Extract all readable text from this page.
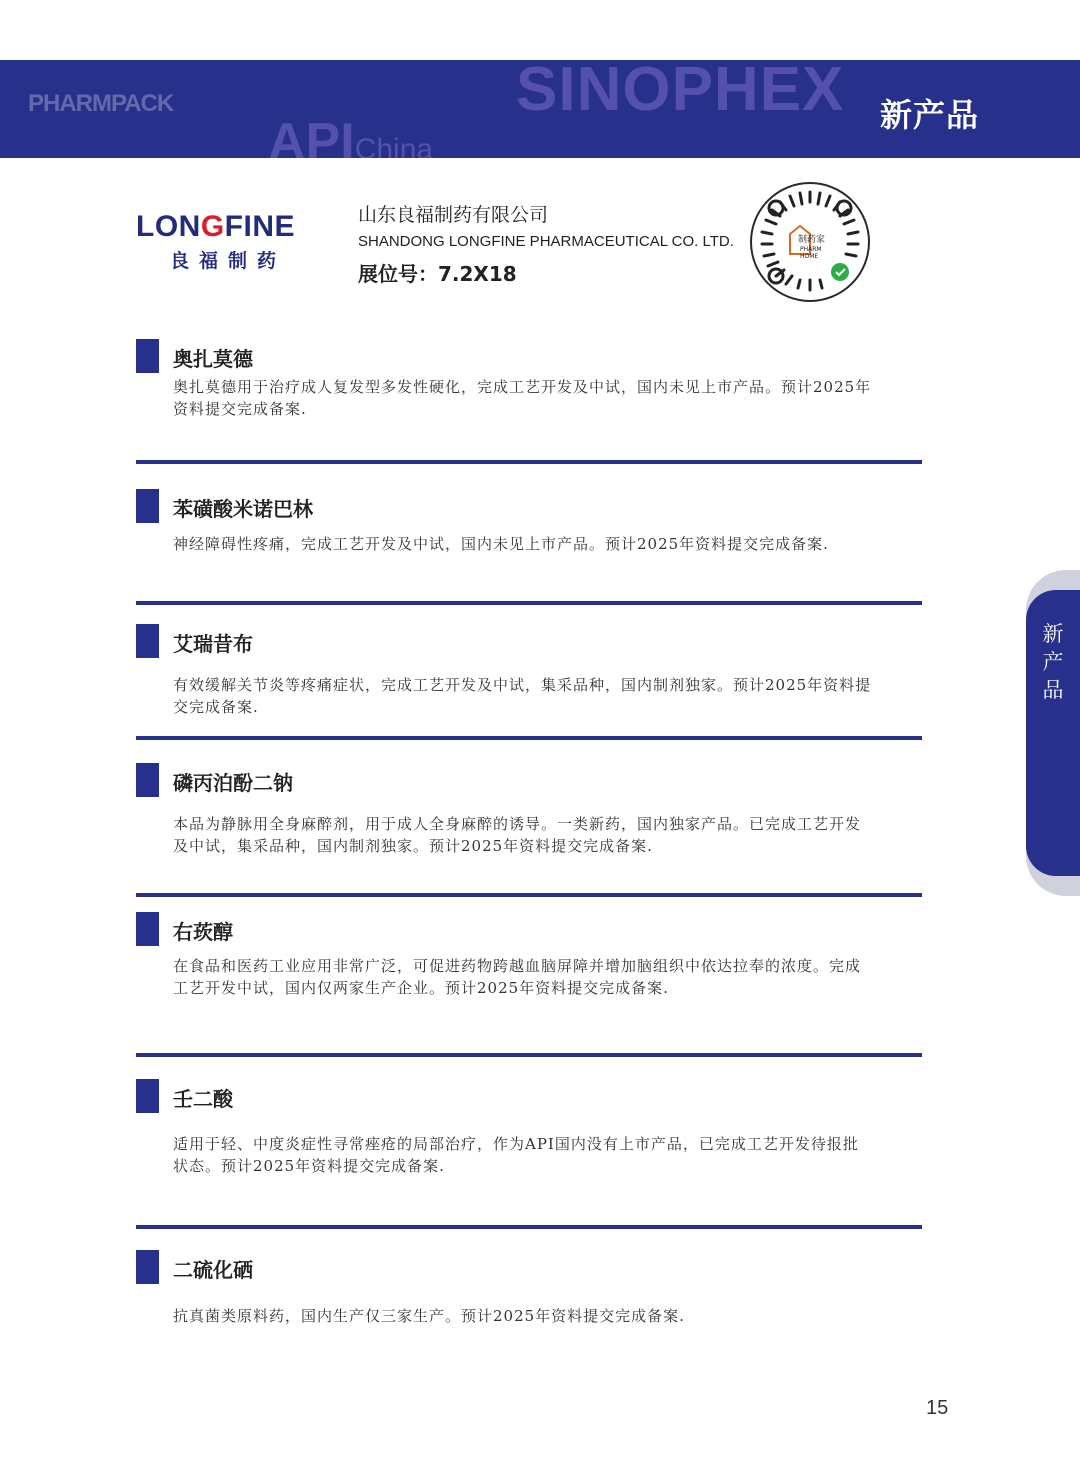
PHARMPACK
APIChina
SINOPHEX 新产品
LONGFINE
良福制药
山东良福制药有限公司
SHANDONG LONGFINE PHARMACEUTICAL CO. LTD.
展位号：7.2X18
制药家
PHARM
HOME
奥扎莫德
奥扎莫德用于治疗成人复发型多发性硬化，完成工艺开发及中试，国内未见上市产品。预计2025年资料提交完成备案.
苯磺酸米诺巴林
神经障碍性疼痛，完成工艺开发及中试，国内未见上市产品。预计2025年资料提交完成备案.
艾瑞昔布
有效缓解关节炎等疼痛症状，完成工艺开发及中试，集采品种，国内制剂独家。预计2025年资料提交完成备案.
磷丙泊酚二钠
本品为静脉用全身麻醉剂，用于成人全身麻醉的诱导。一类新药，国内独家产品。已完成工艺开发及中试，集采品种，国内制剂独家。预计2025年资料提交完成备案.
右莰醇
在食品和医药工业应用非常广泛，可促进药物跨越血脑屏障并增加脑组织中依达拉奉的浓度。完成工艺开发中试，国内仅两家生产企业。预计2025年资料提交完成备案.
壬二酸
适用于轻、中度炎症性寻常痤疮的局部治疗，作为API国内没有上市产品，已完成工艺开发待报批状态。预计2025年资料提交完成备案.
二硫化硒
抗真菌类原料药，国内生产仅三家生产。预计2025年资料提交完成备案.
新产品
15
